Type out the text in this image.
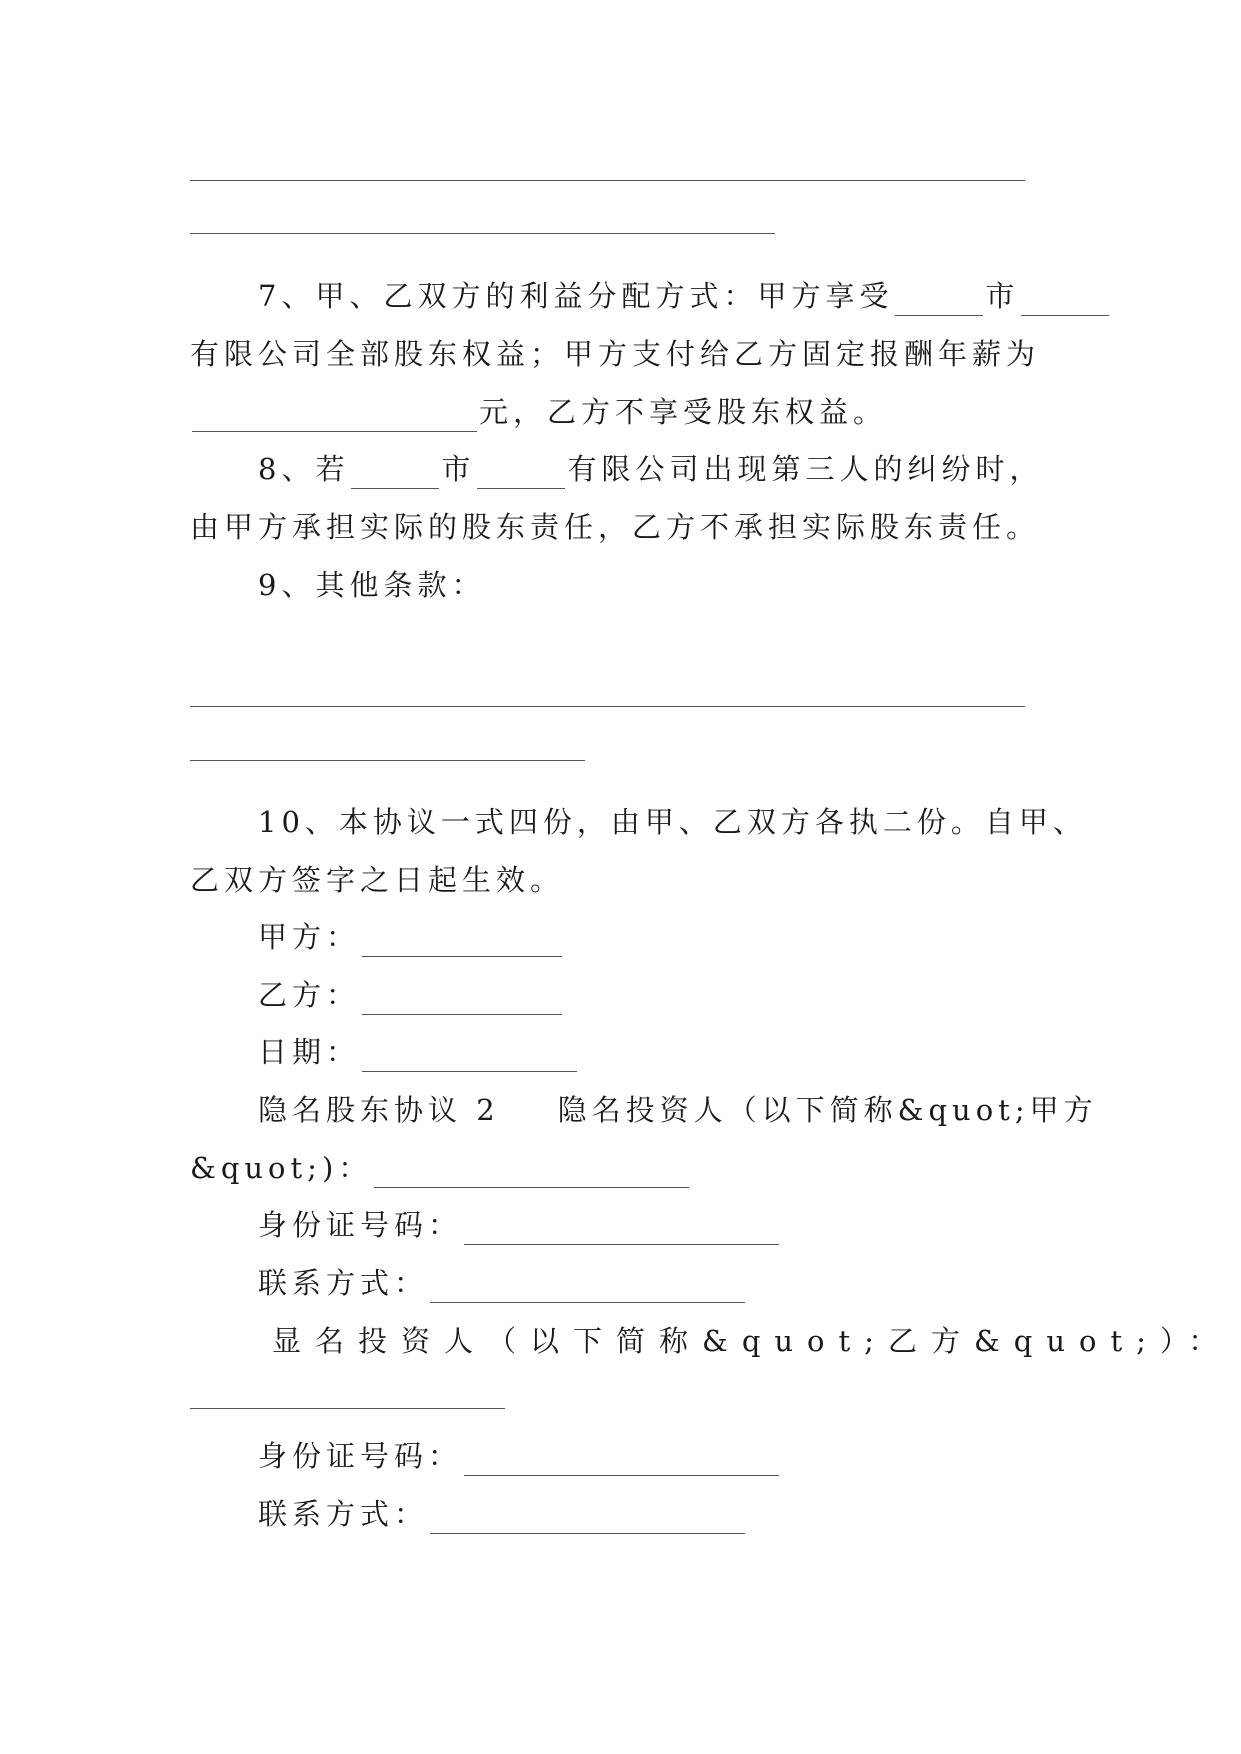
7、甲、乙双方的利益分配方式：甲方享受	市
有限公司全部股东权益；甲方支付给乙方固定报酬年薪为
元，乙方不享受股东权益。
8、若	市	有限公司出现第三人的纠纷时，
由甲方承担实际的股东责任，乙方不承担实际股东责任。
9、其他条款：
10、本协议一式四份，由甲、乙双方各执二份。自甲、
乙双方签字之日起生效。
甲方：
乙方：
日期：
隐名股东协议 2 隐名投资人（以下简称&quot;甲方
&quot;)：
身份证号码：
联系方式：
显名投资人（以下简称&quot;乙方&quot;）：
身份证号码：
联系方式：
